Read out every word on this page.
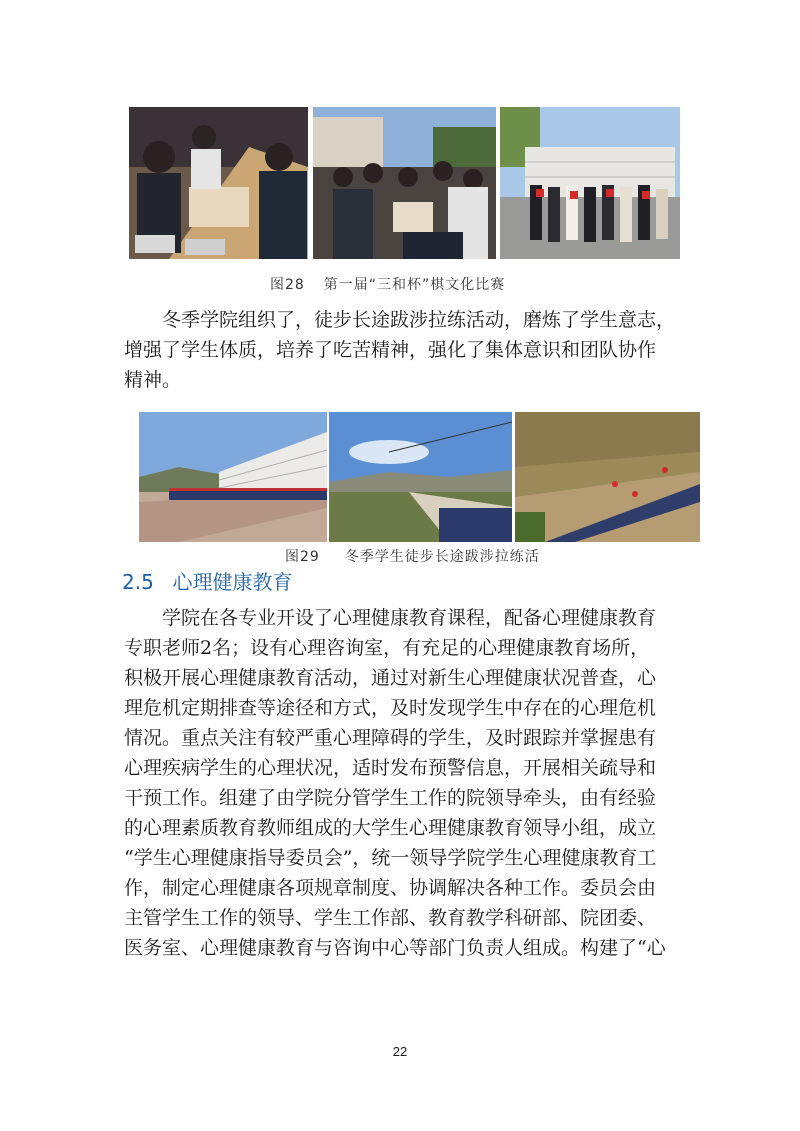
图28 第一届“三和杯”棋文化比赛
冬季学院组织了，徒步长途跋涉拉练活动，磨炼了学生意志，
增强了学生体质，培养了吃苦精神，强化了集体意识和团队协作
精神。
图29 冬季学生徒步长途跋涉拉练活
2.5 心理健康教育
学院在各专业开设了心理健康教育课程，配备心理健康教育
专职老师2名；设有心理咨询室，有充足的心理健康教育场所，
积极开展心理健康教育活动，通过对新生心理健康状况普查，心
理危机定期排查等途径和方式，及时发现学生中存在的心理危机
情况。重点关注有较严重心理障碍的学生，及时跟踪并掌握患有
心理疾病学生的心理状况，适时发布预警信息，开展相关疏导和
干预工作。组建了由学院分管学生工作的院领导牵头，由有经验
的心理素质教育教师组成的大学生心理健康教育领导小组，成立
“学生心理健康指导委员会”，统一领导学院学生心理健康教育工
作，制定心理健康各项规章制度、协调解决各种工作。委员会由
主管学生工作的领导、学生工作部、教育教学科研部、院团委、
医务室、心理健康教育与咨询中心等部门负责人组成。构建了“心
22
